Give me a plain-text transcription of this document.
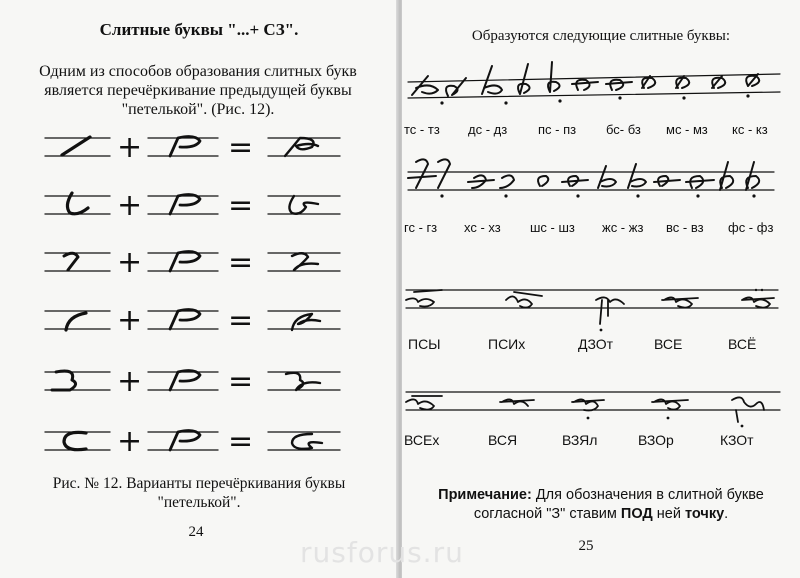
Слитные буквы "...+ СЗ".
Одним из способов образования слитных букв является перечёркивание предыдущей буквы "петелькой". (Рис. 12).
+	=
+	=
+	=
+	=
+	=
+	=
Рис. № 12. Варианты перечёркивания буквы "петелькой".
24
Образуются следующие слитные буквы:
тс - тз дс - дз пс - пз бс- бз мс - мз кс - кз
гс - гз хс - хз шс - шз жс - жз вс - вз фс - фз
ПСЫ	ПСИх	ДЗОт	ВСЕ	ВСЁ
ВСЕх	ВСЯ	ВЗЯл	ВЗОр	КЗОт
Примечание: Для обозначения в слитной букве
согласной "З" ставим ПОД ней точку.
25
rusforus.ru
